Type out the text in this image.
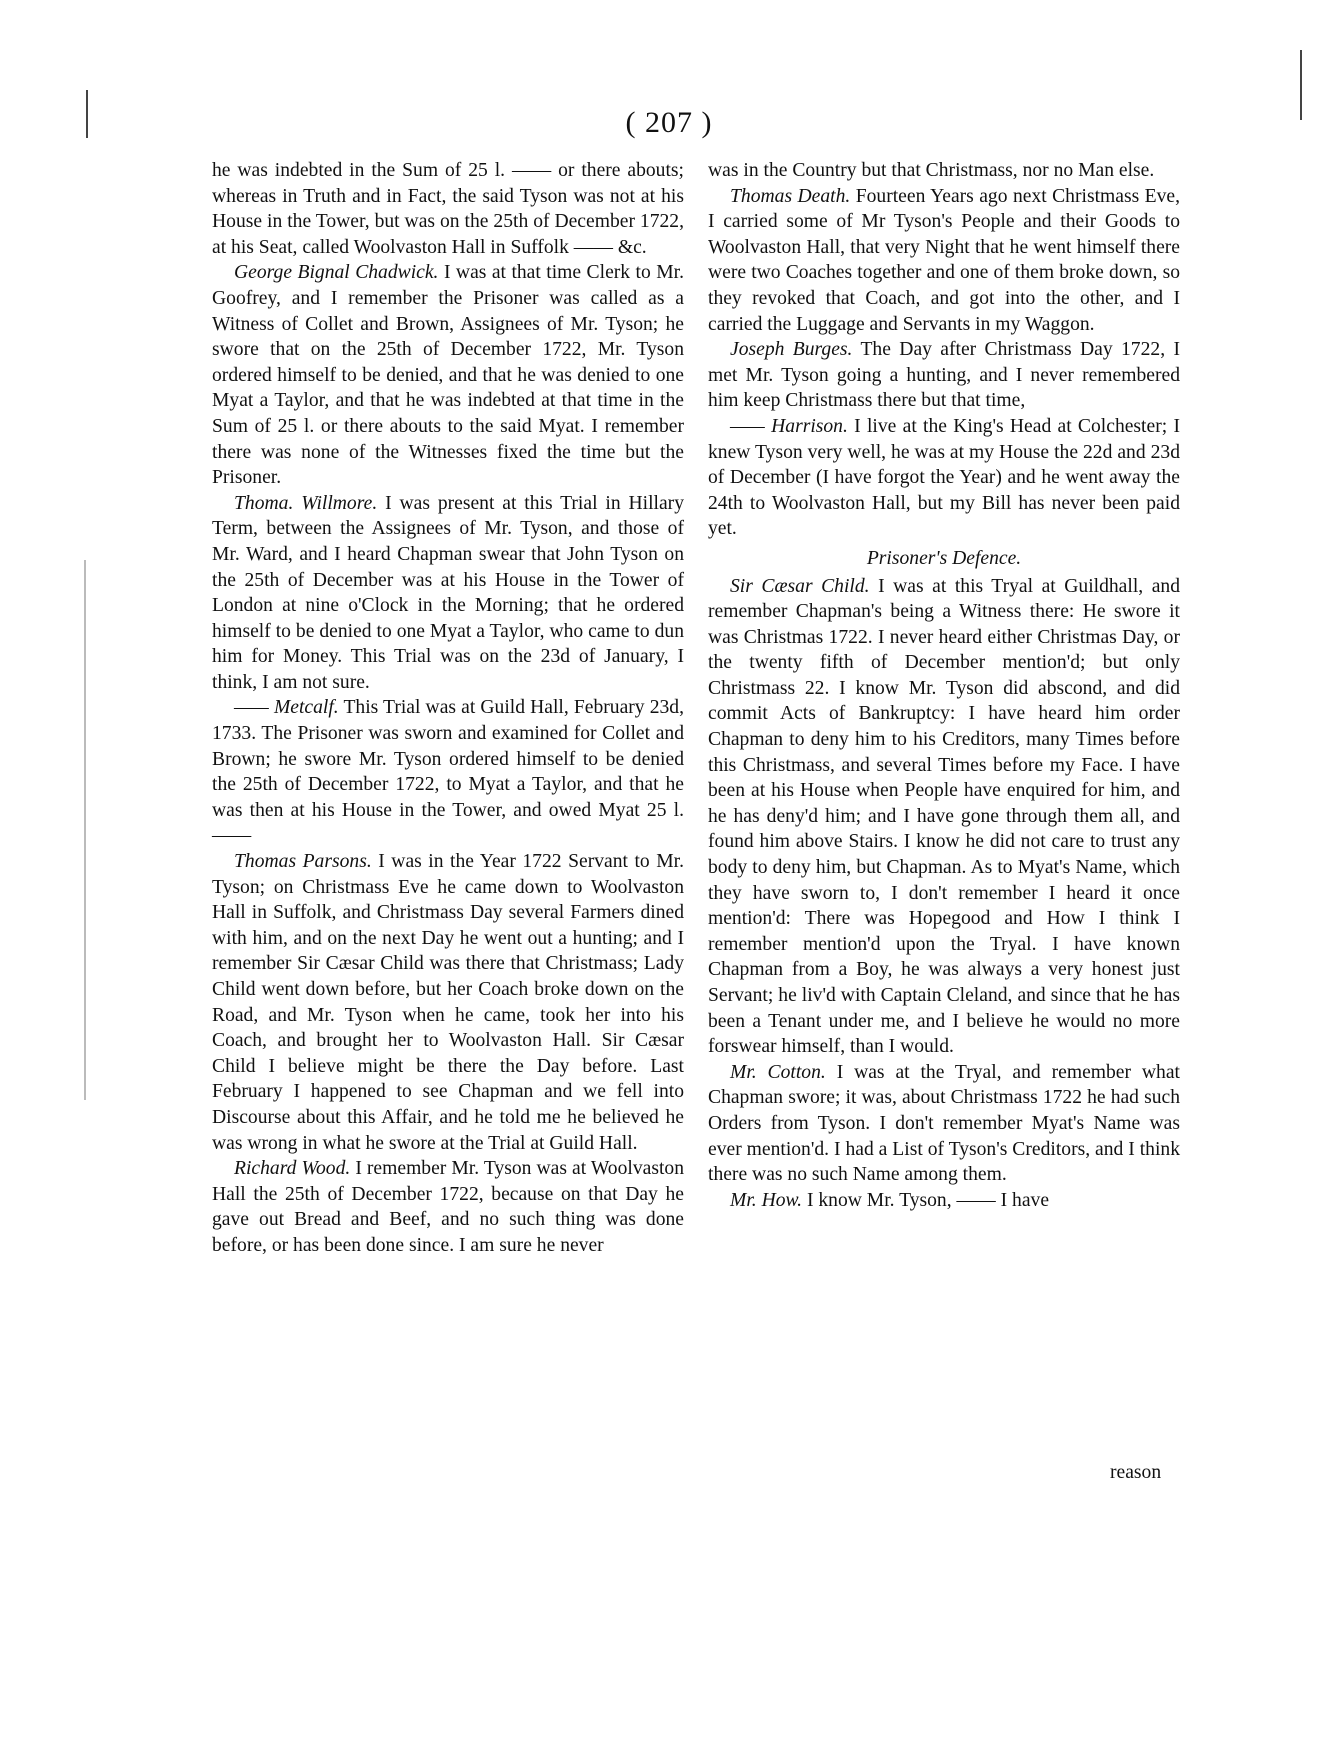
( 207 )

he was indebted in the Sum of 25 l. —— or there abouts; whereas in Truth and in Fact, the said Tyson was not at his House in the Tower, but was on the 25th of December 1722, at his Seat, called Woolvaston Hall in Suffolk —— &c.

George Bignal Chadwick. I was at that time Clerk to Mr. Goofrey, and I remember the Prisoner was called as a Witness of Collet and Brown, Assignees of Mr. Tyson; he swore that on the 25th of December 1722, Mr. Tyson ordered himself to be denied, and that he was denied to one Myat a Taylor, and that he was indebted at that time in the Sum of 25 l. or there abouts to the said Myat. I remember there was none of the Witnesses fixed the time but the Prisoner.

Thoma. Willmore. I was present at this Trial in Hillary Term, between the Assignees of Mr. Tyson, and those of Mr. Ward, and I heard Chapman swear that John Tyson on the 25th of December was at his House in the Tower of London at nine o'Clock in the Morning; that he ordered himself to be denied to one Myat a Taylor, who came to dun him for Money. This Trial was on the 23d of January, I think, I am not sure.

—— Metcalf. This Trial was at Guild Hall, February 23d, 1733. The Prisoner was sworn and examined for Collet and Brown; he swore Mr. Tyson ordered himself to be denied the 25th of December 1722, to Myat a Taylor, and that he was then at his House in the Tower, and owed Myat 25 l.——

Thomas Parsons. I was in the Year 1722 Servant to Mr. Tyson; on Christmass Eve he came down to Woolvaston Hall in Suffolk, and Christmass Day several Farmers dined with him, and on the next Day he went out a hunting; and I remember Sir Cæsar Child was there that Christmass; Lady Child went down before, but her Coach broke down on the Road, and Mr. Tyson when he came, took her into his Coach, and brought her to Woolvaston Hall. Sir Cæsar Child I believe might be there the Day before. Last February I happened to see Chapman and we fell into Discourse about this Affair, and he told me he believed he was wrong in what he swore at the Trial at Guild Hall.

Richard Wood. I remember Mr. Tyson was at Woolvaston Hall the 25th of December 1722, because on that Day he gave out Bread and Beef, and no such thing was done before, or has been done since. I am sure he never

was in the Country but that Christmass, nor no Man else.

Thomas Death. Fourteen Years ago next Christmass Eve, I carried some of Mr Tyson's People and their Goods to Woolvaston Hall, that very Night that he went himself there were two Coaches together and one of them broke down, so they revoked that Coach, and got into the other, and I carried the Luggage and Servants in my Waggon.

Joseph Burges. The Day after Christmass Day 1722, I met Mr. Tyson going a hunting, and I never remembered him keep Christmass there but that time,

—— Harrison. I live at the King's Head at Colchester; I knew Tyson very well, he was at my House the 22d and 23d of December (I have forgot the Year) and he went away the 24th to Woolvaston Hall, but my Bill has never been paid yet.

Prisoner's Defence.

Sir Cæsar Child. I was at this Tryal at Guildhall, and remember Chapman's being a Witness there: He swore it was Christmas 1722. I never heard either Christmas Day, or the twenty fifth of December mention'd; but only Christmass 22. I know Mr. Tyson did abscond, and did commit Acts of Bankruptcy: I have heard him order Chapman to deny him to his Creditors, many Times before this Christmass, and several Times before my Face. I have been at his House when People have enquired for him, and he has deny'd him; and I have gone through them all, and found him above Stairs. I know he did not care to trust any body to deny him, but Chapman. As to Myat's Name, which they have sworn to, I don't remember I heard it once mention'd: There was Hopegood and How I think I remember mention'd upon the Tryal. I have known Chapman from a Boy, he was always a very honest just Servant; he liv'd with Captain Cleland, and since that he has been a Tenant under me, and I believe he would no more forswear himself, than I would.

Mr. Cotton. I was at the Tryal, and remember what Chapman swore; it was, about Christmass 1722 he had such Orders from Tyson. I don't remember Myat's Name was ever mention'd. I had a List of Tyson's Creditors, and I think there was no such Name among them.

Mr. How. I know Mr. Tyson, —— I have

reason
